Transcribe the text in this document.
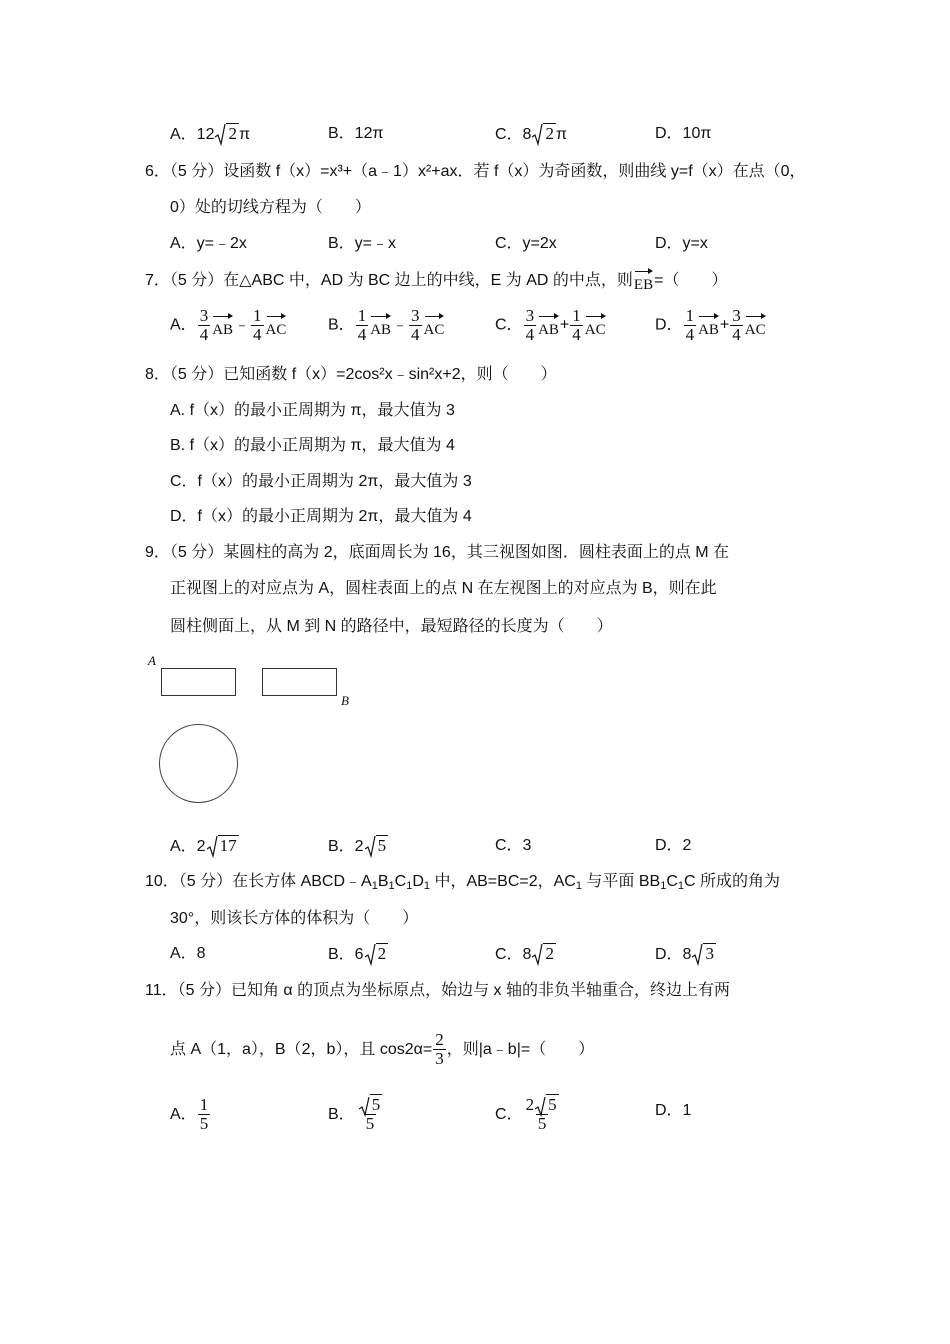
A．12 2 π	B．12π	C．8 2 π	D．10π
6．（5 分）设函数 f（x）=x³+（a﹣1）x²+ax．若 f（x）为奇函数，则曲线 y=f（x）在点（0，
0）处的切线方程为（　　）
A．y=﹣2x	B．y=﹣x	C．y=2x	D．y=x
7．（5 分）在△ABC 中，AD 为 BC 边上的中线，E 为 AD 的中点，则EB=（　　）
A． $\frac{3}{4}$ AB﹣ $\frac{1}{4}$ AC	B． $\frac{1}{4}$ AB﹣ $\frac{3}{4}$ AC	C． $\frac{3}{4} AB+ \frac{1}{4}$ AC	D． $\frac{1}{4} AB+ \frac{3}{4}$ AC
8．（5 分）已知函数 f（x）=2cos²x﹣sin²x+2，则（　　）
A. f（x）的最小正周期为 π，最大值为 3
B. f（x）的最小正周期为 π，最大值为 4
C．f（x）的最小正周期为 2π，最大值为 3
D．f（x）的最小正周期为 2π，最大值为 4
9．（5 分）某圆柱的高为 2，底面周长为 16，其三视图如图．圆柱表面上的点 M 在
正视图上的对应点为 A，圆柱表面上的点 N 在左视图上的对应点为 B，则在此
圆柱侧面上，从 M 到 N 的路径中，最短路径的长度为（　　）
A
B
A．2 17	B．2 5	C．3	D．2
10．（5 分）在长方体 $ABCD﹣A_1B_1C_1D_1$ 中，AB=BC=2，$AC_1$ 与平面 $BB_1C_1C$ 所成的角为
30°，则该长方体的体积为（　　）
A．8	B．6 2	C．8 2	D．8 3
11．（5 分）已知角 α 的顶点为坐标原点，始边与 x 轴的非负半轴重合，终边上有两
点 A（1，a），B（2，b），且 $\cos 2\alpha= \frac{2}{3}$ ，则|a﹣b|=（　　）
A． $\frac{1}{5}$	B． $\frac{5}{5}$	C． $\frac{2 5}{5}$	D．1
